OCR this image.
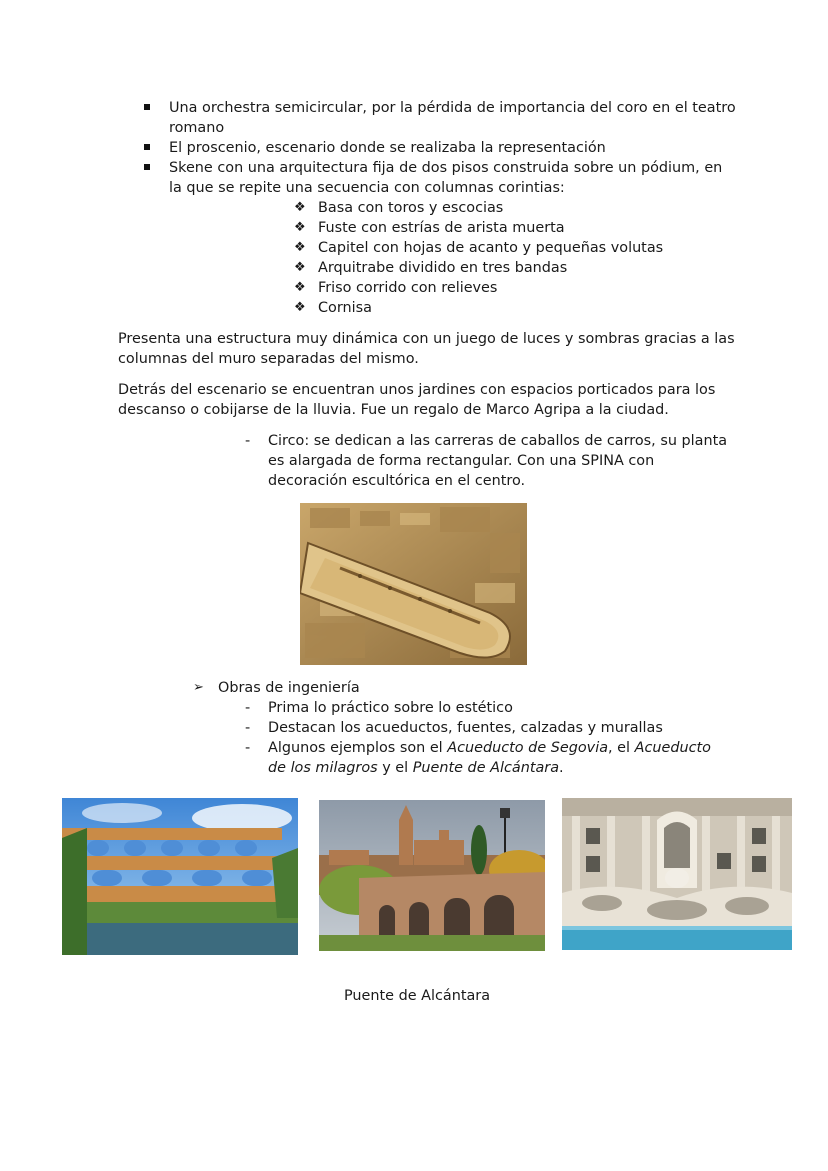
Una orchestra semicircular, por la pérdida de importancia del coro en el teatro
romano
El proscenio, escenario donde se realizaba la representación
Skene con una arquitectura fija de dos pisos construida sobre un pódium, en
la que se repite una secuencia con columnas corintias:
❖ Basa con toros y escocias
❖ Fuste con estrías de arista muerta
❖ Capitel con hojas de acanto y pequeñas volutas
❖ Arquitrabe dividido en tres bandas
❖ Friso corrido con relieves
❖ Cornisa
Presenta una estructura muy dinámica con un juego de luces y sombras gracias a las
columnas del muro separadas del mismo.
Detrás del escenario se encuentran unos jardines con espacios porticados para los
descanso o cobijarse de la lluvia. Fue un regalo de Marco Agripa a la ciudad.
- Circo: se dedican a las carreras de caballos de carros, su planta
es alargada de forma rectangular. Con una SPINA con
decoración escultórica en el centro.
➢ Obras de ingeniería
- Prima lo práctico sobre lo estético
- Destacan los acueductos, fuentes, calzadas y murallas
- Algunos ejemplos son el Acueducto de Segovia, el Acueducto
de los milagros y el Puente de Alcántara.
Puente de Alcántara
